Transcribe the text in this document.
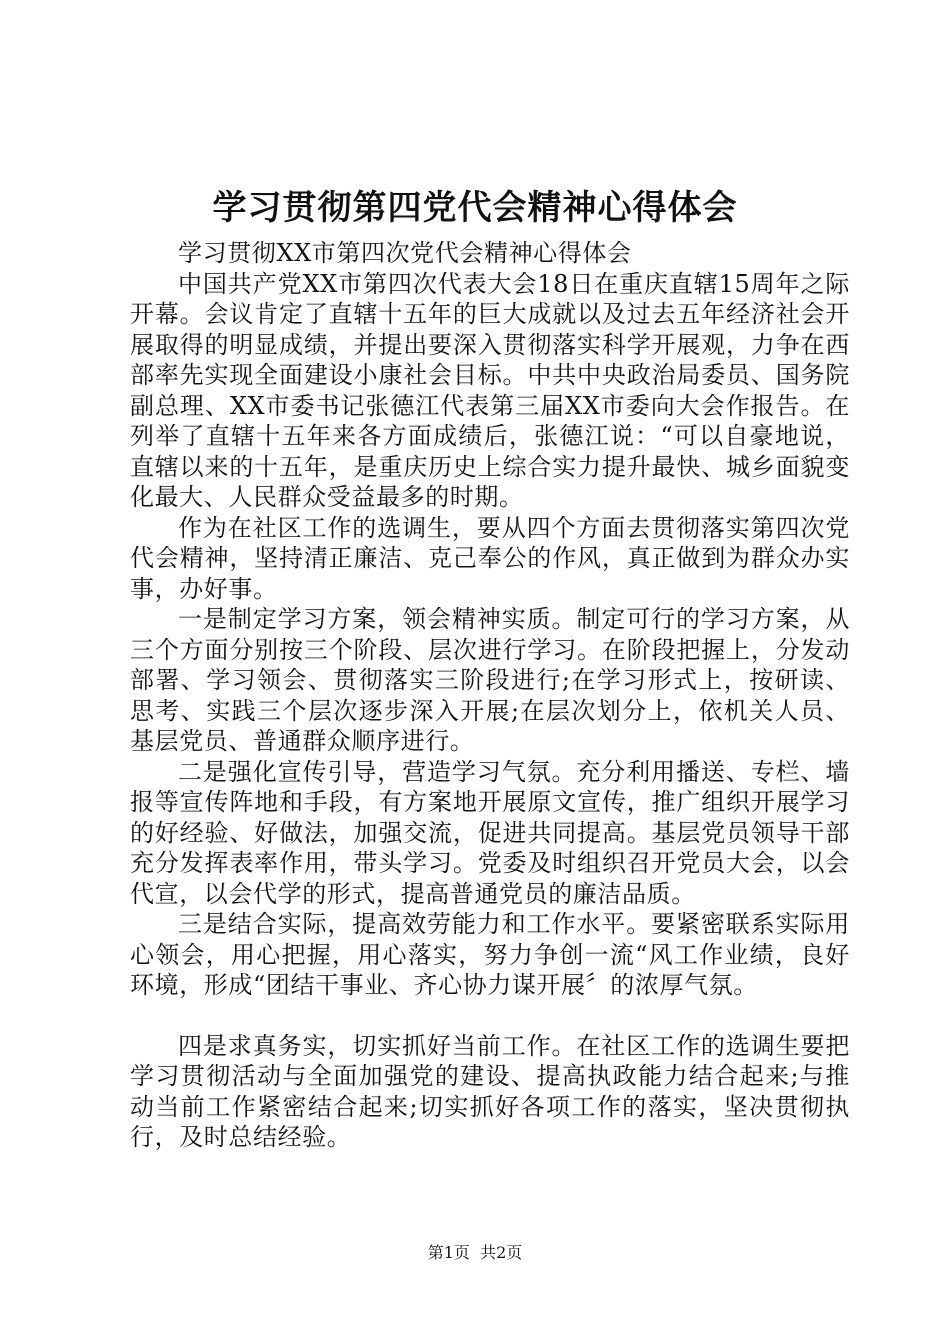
学习贯彻第四党代会精神心得体会

学习贯彻XX市第四次党代会精神心得体会

中国共产党XX市第四次代表大会18日在重庆直辖15周年之际开幕。会议肯定了直辖十五年的巨大成就以及过去五年经济社会开展取得的明显成绩，并提出要深入贯彻落实科学开展观，力争在西部率先实现全面建设小康社会目标。中共中央政治局委员、国务院副总理、XX市委书记张德江代表第三届XX市委向大会作报告。在列举了直辖十五年来各方面成绩后，张德江说：“可以自豪地说，直辖以来的十五年，是重庆历史上综合实力提升最快、城乡面貌变化最大、人民群众受益最多的时期。

作为在社区工作的选调生，要从四个方面去贯彻落实第四次党代会精神，坚持清正廉洁、克己奉公的作风，真正做到为群众办实事，办好事。

一是制定学习方案，领会精神实质。制定可行的学习方案，从三个方面分别按三个阶段、层次进行学习。在阶段把握上，分发动部署、学习领会、贯彻落实三阶段进行;在学习形式上，按研读、思考、实践三个层次逐步深入开展;在层次划分上，依机关人员、基层党员、普通群众顺序进行。

二是强化宣传引导，营造学习气氛。充分利用播送、专栏、墙报等宣传阵地和手段，有方案地开展原文宣传，推广组织开展学习的好经验、好做法，加强交流，促进共同提高。基层党员领导干部充分发挥表率作用，带头学习。党委及时组织召开党员大会，以会代宣，以会代学的形式，提高普通党员的廉洁品质。

三是结合实际，提高效劳能力和工作水平。要紧密联系实际用心领会，用心把握，用心落实，努力争创一流“风工作业绩，良好环境，形成“团结干事业、齐心协力谋开展〞的浓厚气氛。

四是求真务实，切实抓好当前工作。在社区工作的选调生要把学习贯彻活动与全面加强党的建设、提高执政能力结合起来;与推动当前工作紧密结合起来;切实抓好各项工作的落实，坚决贯彻执行，及时总结经验。

第1页 共2页
